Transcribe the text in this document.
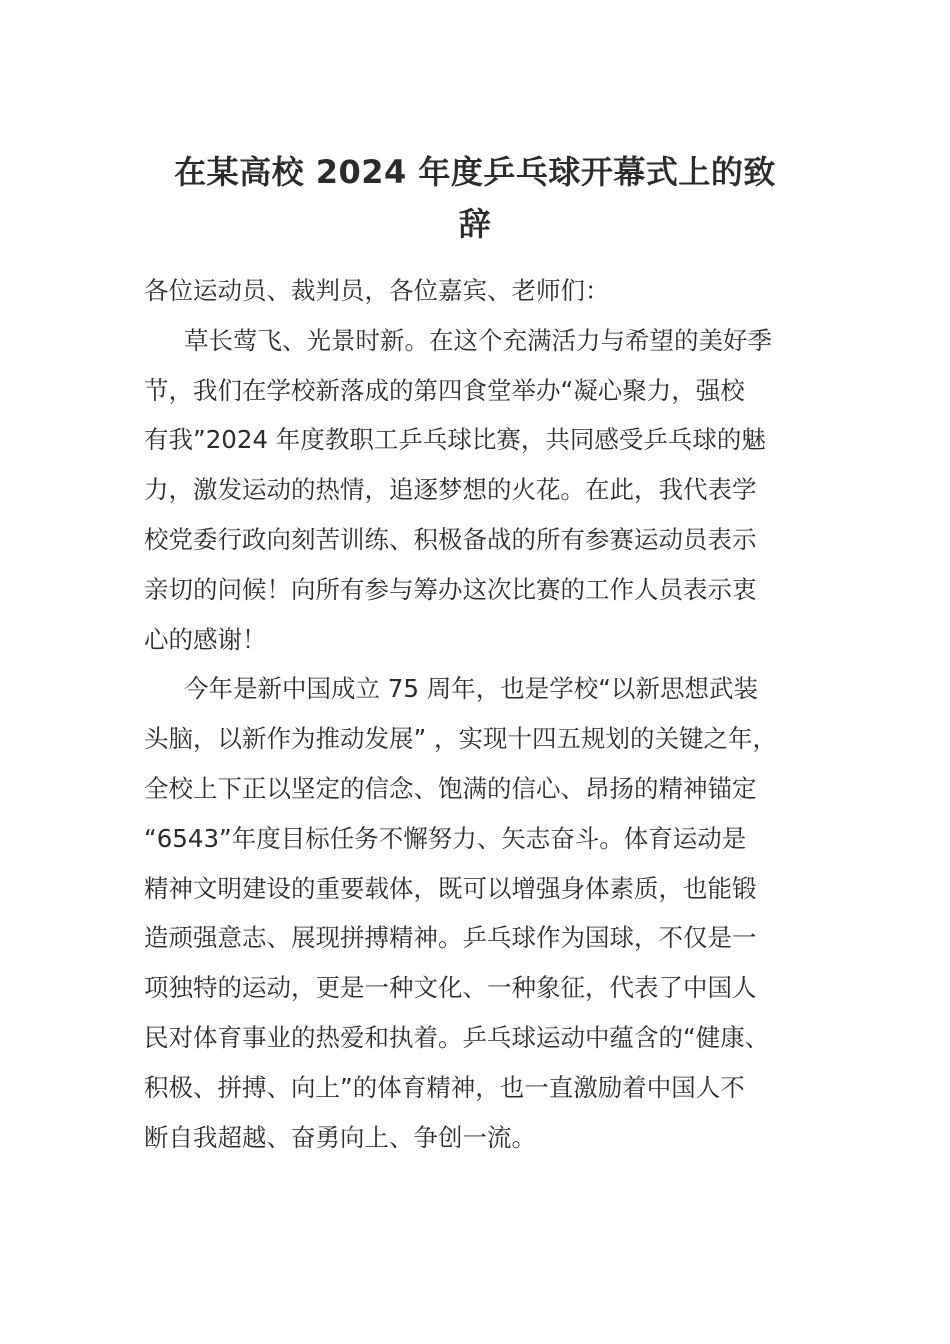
在某高校 2024 年度乒乓球开幕式上的致
辞
各位运动员、裁判员，各位嘉宾、老师们：
草长莺飞、光景时新。在这个充满活力与希望的美好季
节，我们在学校新落成的第四食堂举办“凝心聚力，强校
有我”2024 年度教职工乒乓球比赛，共同感受乒乓球的魅
力，激发运动的热情，追逐梦想的火花。在此，我代表学
校党委行政向刻苦训练、积极备战的所有参赛运动员表示
亲切的问候！向所有参与筹办这次比赛的工作人员表示衷
心的感谢！
今年是新中国成立 75 周年，也是学校“以新思想武装
头脑，以新作为推动发展” ，实现十四五规划的关键之年，
全校上下正以坚定的信念、饱满的信心、昂扬的精神锚定
“6543”年度目标任务不懈努力、矢志奋斗。体育运动是
精神文明建设的重要载体，既可以增强身体素质，也能锻
造顽强意志、展现拼搏精神。乒乓球作为国球，不仅是一
项独特的运动，更是一种文化、一种象征，代表了中国人
民对体育事业的热爱和执着。乒乓球运动中蕴含的“健康、
积极、拼搏、向上”的体育精神，也一直激励着中国人不
断自我超越、奋勇向上、争创一流。
